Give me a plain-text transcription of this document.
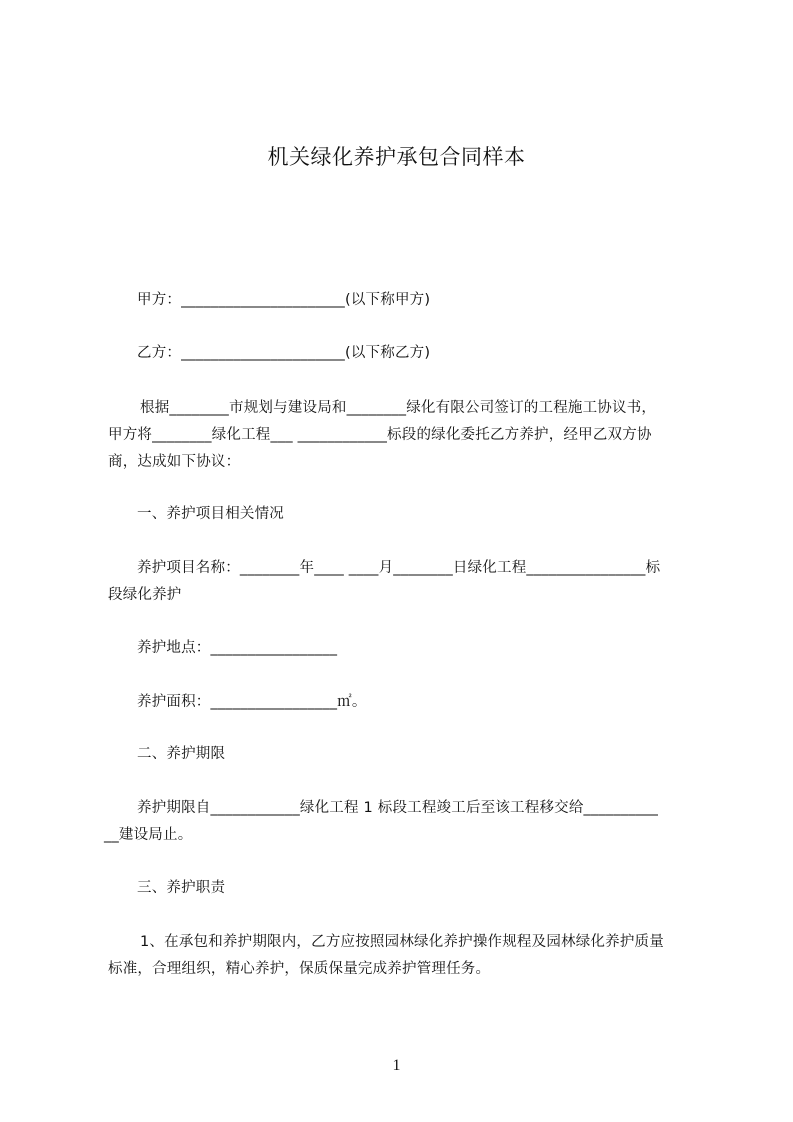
机关绿化养护承包合同样本
甲方：______________________(以下称甲方)
乙方：______________________(以下称乙方)
根据________市规划与建设局和________绿化有限公司签订的工程施工协议书，
甲方将________绿化工程___ ____________标段的绿化委托乙方养护，经甲乙双方协
商，达成如下协议：
一、养护项目相关情况
养护项目名称：________年____ ____月________日绿化工程________________标
段绿化养护
养护地点：_________________
养护面积：_________________㎡。
二、养护期限
养护期限自____________绿化工程 1 标段工程竣工后至该工程移交给__________
__建设局止。
三、养护职责
1、在承包和养护期限内，乙方应按照园林绿化养护操作规程及园林绿化养护质量
标准，合理组织，精心养护，保质保量完成养护管理任务。
1
